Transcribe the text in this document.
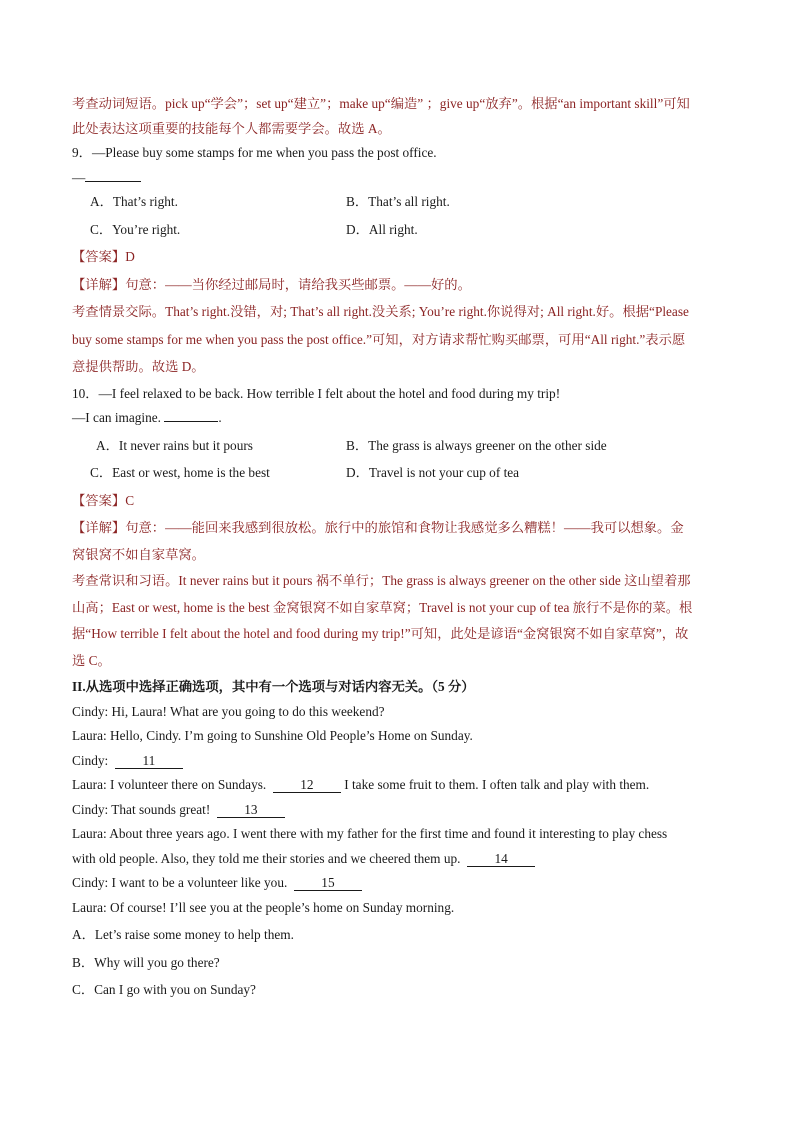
考查动词短语。pick up“学会”；set up“建立”；make up“编造” ；give up“放弃”。根据“an important skill”可知
此处表达这项重要的技能每个人都需要学会。故选 A。
9．—Please buy some stamps for me when you pass the post office.
—
A．That’s right.	B．That’s all right.
C．You’re right.	D．All right.
【答案】D
【详解】句意：——当你经过邮局时，请给我买些邮票。——好的。
考查情景交际。That’s right.没错，对; That’s all right.没关系; You’re right.你说得对; All right.好。根据“Please
buy some stamps for me when you pass the post office.”可知，对方请求帮忙购买邮票，可用“All right.”表示愿
意提供帮助。故选 D。
10．—I feel relaxed to be back. How terrible I felt about the hotel and food during my trip!
—I can imagine.	.
A．It never rains but it pours	B．The grass is always greener on the other side
C．East or west, home is the best	D．Travel is not your cup of tea
【答案】C
【详解】句意：——能回来我感到很放松。旅行中的旅馆和食物让我感觉多么糟糕！——我可以想象。金
窝银窝不如自家草窝。
考查常识和习语。It never rains but it pours 祸不单行；The grass is always greener on the other side 这山望着那
山高；East or west, home is the best 金窝银窝不如自家草窝；Travel is not your cup of tea 旅行不是你的菜。根
据“How terrible I felt about the hotel and food during my trip!”可知，此处是谚语“金窝银窝不如自家草窝”，故
选 C。
II.从选项中选择正确选项，其中有一个选项与对话内容无关。（5 分）
Cindy: Hi, Laura! What are you going to do this weekend?
Laura: Hello, Cindy. I’m going to Sunshine Old People’s Home on Sunday.
Cindy:	11
Laura: I volunteer there on Sundays.	12 I take some fruit to them. I often talk and play with them.
Cindy: That sounds great!	13
Laura: About three years ago. I went there with my father for the first time and found it interesting to play chess
with old people. Also, they told me their stories and we cheered them up.	14
Cindy: I want to be a volunteer like you.	15
Laura: Of course! I’ll see you at the people’s home on Sunday morning.
A．Let’s raise some money to help them.
B．Why will you go there?
C．Can I go with you on Sunday?
